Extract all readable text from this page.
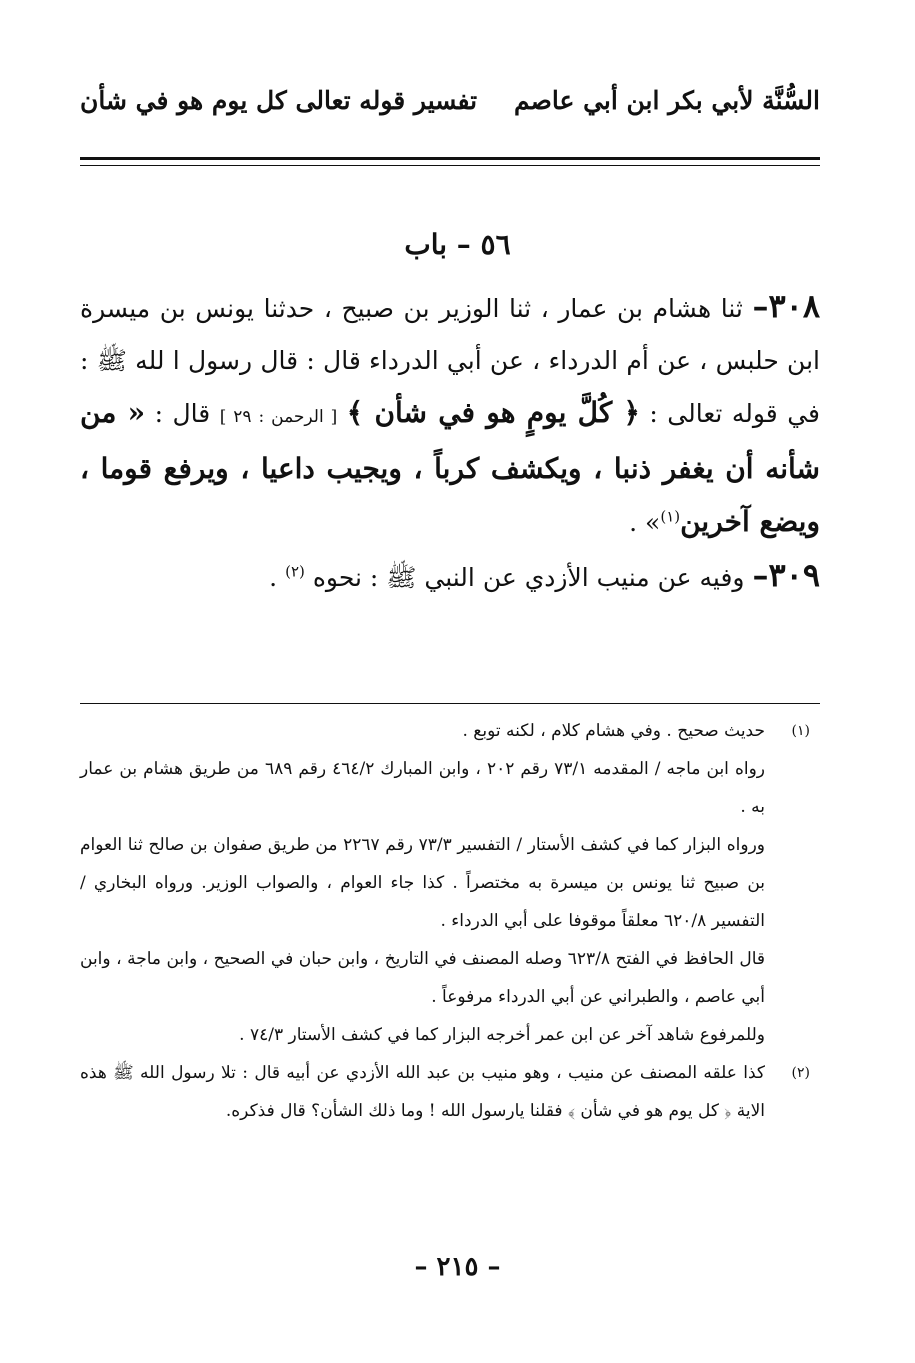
السُّنَّة لأبي بكر ابن أبي عاصم
تفسير قوله تعالى كل يوم هو في شأن
٥٦ – باب

٣٠٨– ثنا هشام بن عمار ، ثنا الوزير بن صبيح ، حدثنا يونس بن ميسرة ابن حلبس ، عن أم الدرداء ، عن أبي الدرداء قال : قال رسول ا لله ﷺ : في قوله تعالى : ﴿ كُلَّ يومٍ هو في شأن ﴾ [ الرحمن : ٢٩ ] قال : « من شأنه أن يغفر ذنبا ، ويكشف كرباً ، ويجيب داعيا ، ويرفع قوما ، ويضع آخرين$^{(١)}$» .

٣٠٩– وفيه عن منيب الأزدي عن النبي ﷺ : نحوه $^{(٢)}$ .

(١)

حديث صحيح . وفي هشام كلام ، لكنه توبع .

رواه ابن ماجه / المقدمه ٧٣/١ رقم ٢٠٢ ، وابن المبارك ٤٦٤/٢ رقم ٦٨٩ من طريق هشام بن عمار به .

ورواه البزار كما في كشف الأستار / التفسير ٧٣/٣ رقم ٢٢٦٧ من طريق صفوان بن صالح ثنا العوام بن صبيح ثنا يونس بن ميسرة به مختصراً . كذا جاء العوام ، والصواب الوزير. ورواه البخاري / التفسير ٦٢٠/٨ معلقاً موقوفا على أبي الدرداء .

قال الحافظ في الفتح ٦٢٣/٨ وصله المصنف في التاريخ ، وابن حبان في الصحيح ، وابن ماجة ، وابن أبي عاصم ، والطبراني عن أبي الدرداء مرفوعاً .

وللمرفوع شاهد آخر عن ابن عمر أخرجه البزار كما في كشف الأستار ٧٤/٣ .

(٢)

كذا علقه المصنف عن منيب ، وهو منيب بن عبد الله الأزدي عن أبيه قال : تلا رسول الله ﷺ هذه الاية ﴿ كل يوم هو في شأن ﴾ فقلنا يارسول الله ! وما ذلك الشأن؟ قال فذكره.

– ٢١٥ –
